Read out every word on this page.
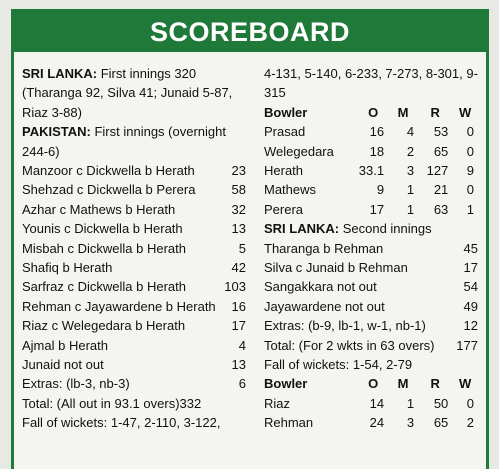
SCOREBOARD

SRI LANKA: First innings 320 (Tharanga 92, Silva 41; Junaid 5-87, Riaz 3-88)

PAKISTAN: First innings (overnight 244-6)

Manzoor c Dickwella b Herath	23
Shehzad c Dickwella b Perera	58
Azhar c Mathews b Herath	32
Younis c Dickwella b Herath	13
Misbah c Dickwella b Herath	5
Shafiq b Herath	42
Sarfraz c Dickwella b Herath	103
Rehman c Jayawardene b Herath 16
Riaz c Welegedara b Herath	17
Ajmal b Herath	4
Junaid not out	13
Extras: (lb-3, nb-3)	6
Total: (All out in 93.1 overs)332
Fall of wickets: 1-47, 2-110, 3-122,

4-131, 5-140, 6-233, 7-273, 8-301, 9-315

Bowler	O	M	R	W
Prasad	16	4	53	0
Welegedara	18	2	65	0
Herath	33.1	3	127	9
Mathews	9	1	21	0
Perera	17	1	63	1
SRI LANKA: Second innings
Tharanga b Rehman	45
Silva c Junaid b Rehman	17
Sangakkara not out	54
Jayawardene not out	49
Extras: (b-9, lb-1, w-1, nb-1)	12
Total: (For 2 wkts in 63 overs) 177
Fall of wickets: 1-54, 2-79
Bowler	O	M	R	W
Riaz	14	1	50	0
Rehman	24	3	65	2
